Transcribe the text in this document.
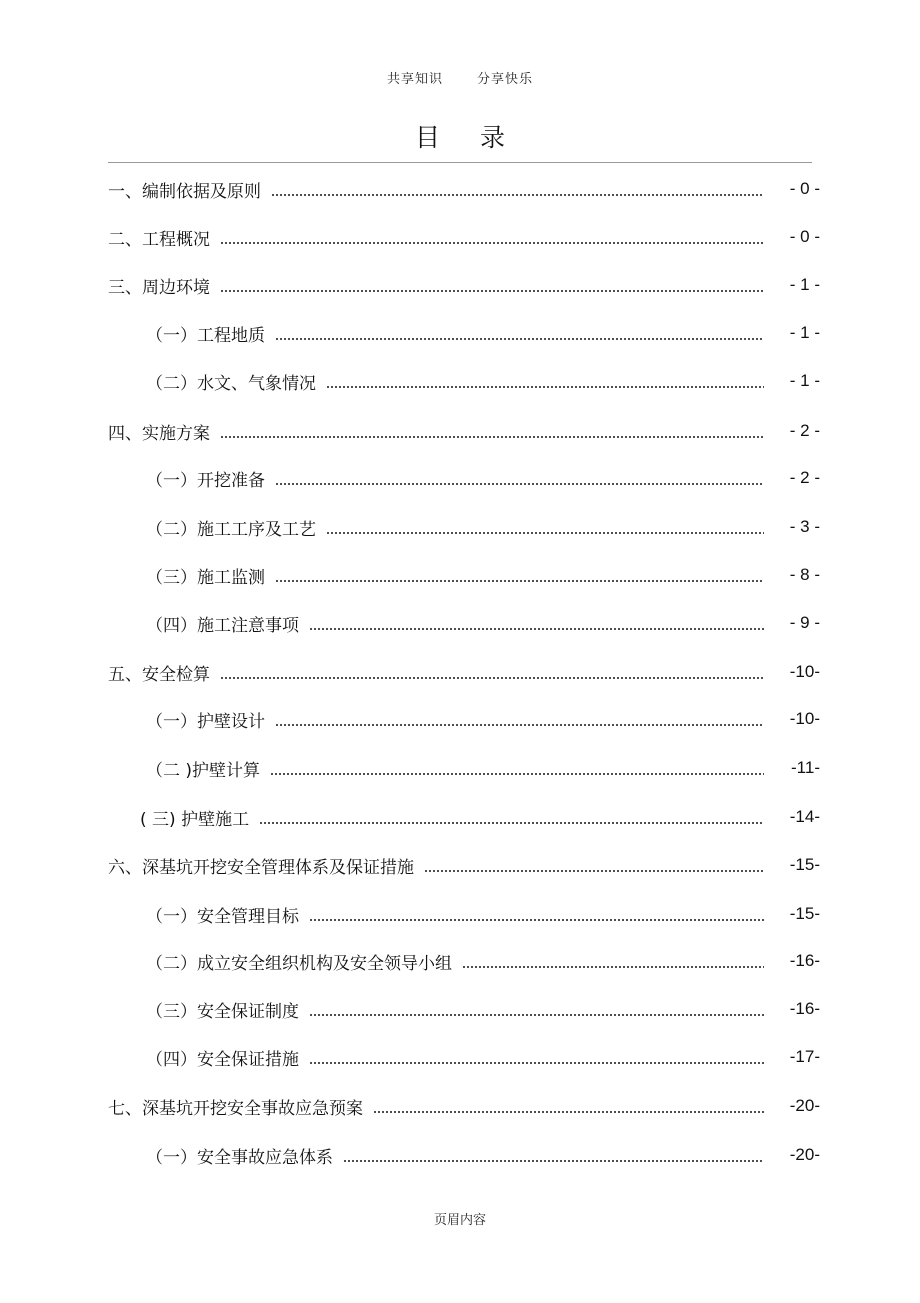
共享知识	分享快乐
目 录
一、编制依据及原则	- 0 -
二、工程概况	- 0 -
三、周边环境	- 1 -
（一）工程地质	- 1 -
（二）水文、气象情况	- 1 -
四、实施方案	- 2 -
（一）开挖准备	- 2 -
（二）施工工序及工艺	- 3 -
（三）施工监测	- 8 -
（四）施工注意事项	- 9 -
五、安全检算	-10-
（一）护壁设计	-10-
（二 )护壁计算	-11-
( 三) 护壁施工	-14-
六、深基坑开挖安全管理体系及保证措施	-15-
（一）安全管理目标	-15-
（二）成立安全组织机构及安全领导小组	-16-
（三）安全保证制度	-16-
（四）安全保证措施	-17-
七、深基坑开挖安全事故应急预案	-20-
（一）安全事故应急体系	-20-
页眉内容
